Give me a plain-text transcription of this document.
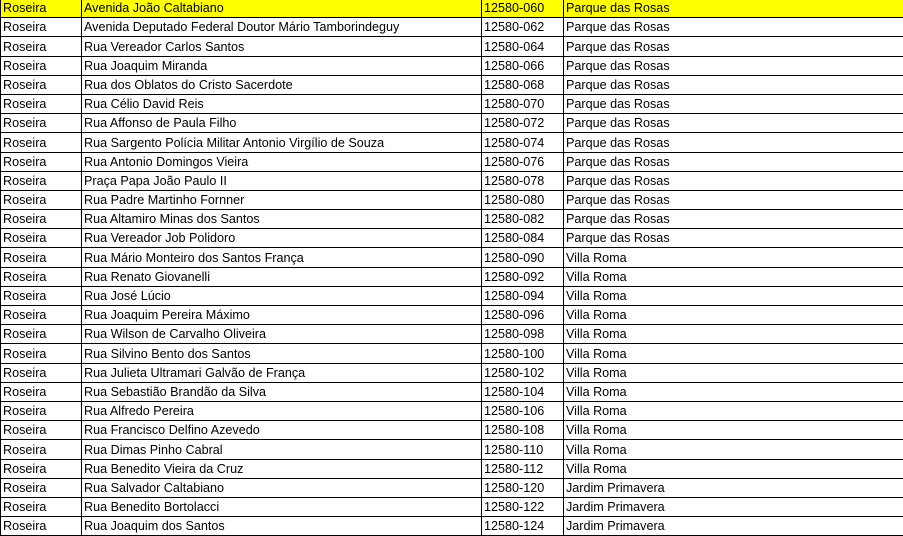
Roseira	Avenida João Caltabiano	12580-060	Parque das Rosas
Roseira	Avenida Deputado Federal Doutor Mário Tamborindeguy	12580-062	Parque das Rosas
Roseira	Rua Vereador Carlos Santos	12580-064	Parque das Rosas
Roseira	Rua Joaquim Miranda	12580-066	Parque das Rosas
Roseira	Rua dos Oblatos do Cristo Sacerdote	12580-068	Parque das Rosas
Roseira	Rua Célio David Reis	12580-070	Parque das Rosas
Roseira	Rua Affonso de Paula Filho	12580-072	Parque das Rosas
Roseira	Rua Sargento Polícia Militar Antonio Virgílio de Souza	12580-074	Parque das Rosas
Roseira	Rua Antonio Domingos Vieira	12580-076	Parque das Rosas
Roseira	Praça Papa João Paulo II	12580-078	Parque das Rosas
Roseira	Rua Padre Martinho Fornner	12580-080	Parque das Rosas
Roseira	Rua Altamiro Minas dos Santos	12580-082	Parque das Rosas
Roseira	Rua Vereador Job Polidoro	12580-084	Parque das Rosas
Roseira	Rua Mário Monteiro dos Santos França	12580-090	Villa Roma
Roseira	Rua Renato Giovanelli	12580-092	Villa Roma
Roseira	Rua José Lúcio	12580-094	Villa Roma
Roseira	Rua Joaquim Pereira Máximo	12580-096	Villa Roma
Roseira	Rua Wilson de Carvalho Oliveira	12580-098	Villa Roma
Roseira	Rua Silvino Bento dos Santos	12580-100	Villa Roma
Roseira	Rua Julieta Ultramari Galvão de França	12580-102	Villa Roma
Roseira	Rua Sebastião Brandão da Silva	12580-104	Villa Roma
Roseira	Rua Alfredo Pereira	12580-106	Villa Roma
Roseira	Rua Francisco Delfino Azevedo	12580-108	Villa Roma
Roseira	Rua Dimas Pinho Cabral	12580-110	Villa Roma
Roseira	Rua Benedito Vieira da Cruz	12580-112	Villa Roma
Roseira	Rua Salvador Caltabiano	12580-120	Jardim Primavera
Roseira	Rua Benedito Bortolacci	12580-122	Jardim Primavera
Roseira	Rua Joaquim dos Santos	12580-124	Jardim Primavera
